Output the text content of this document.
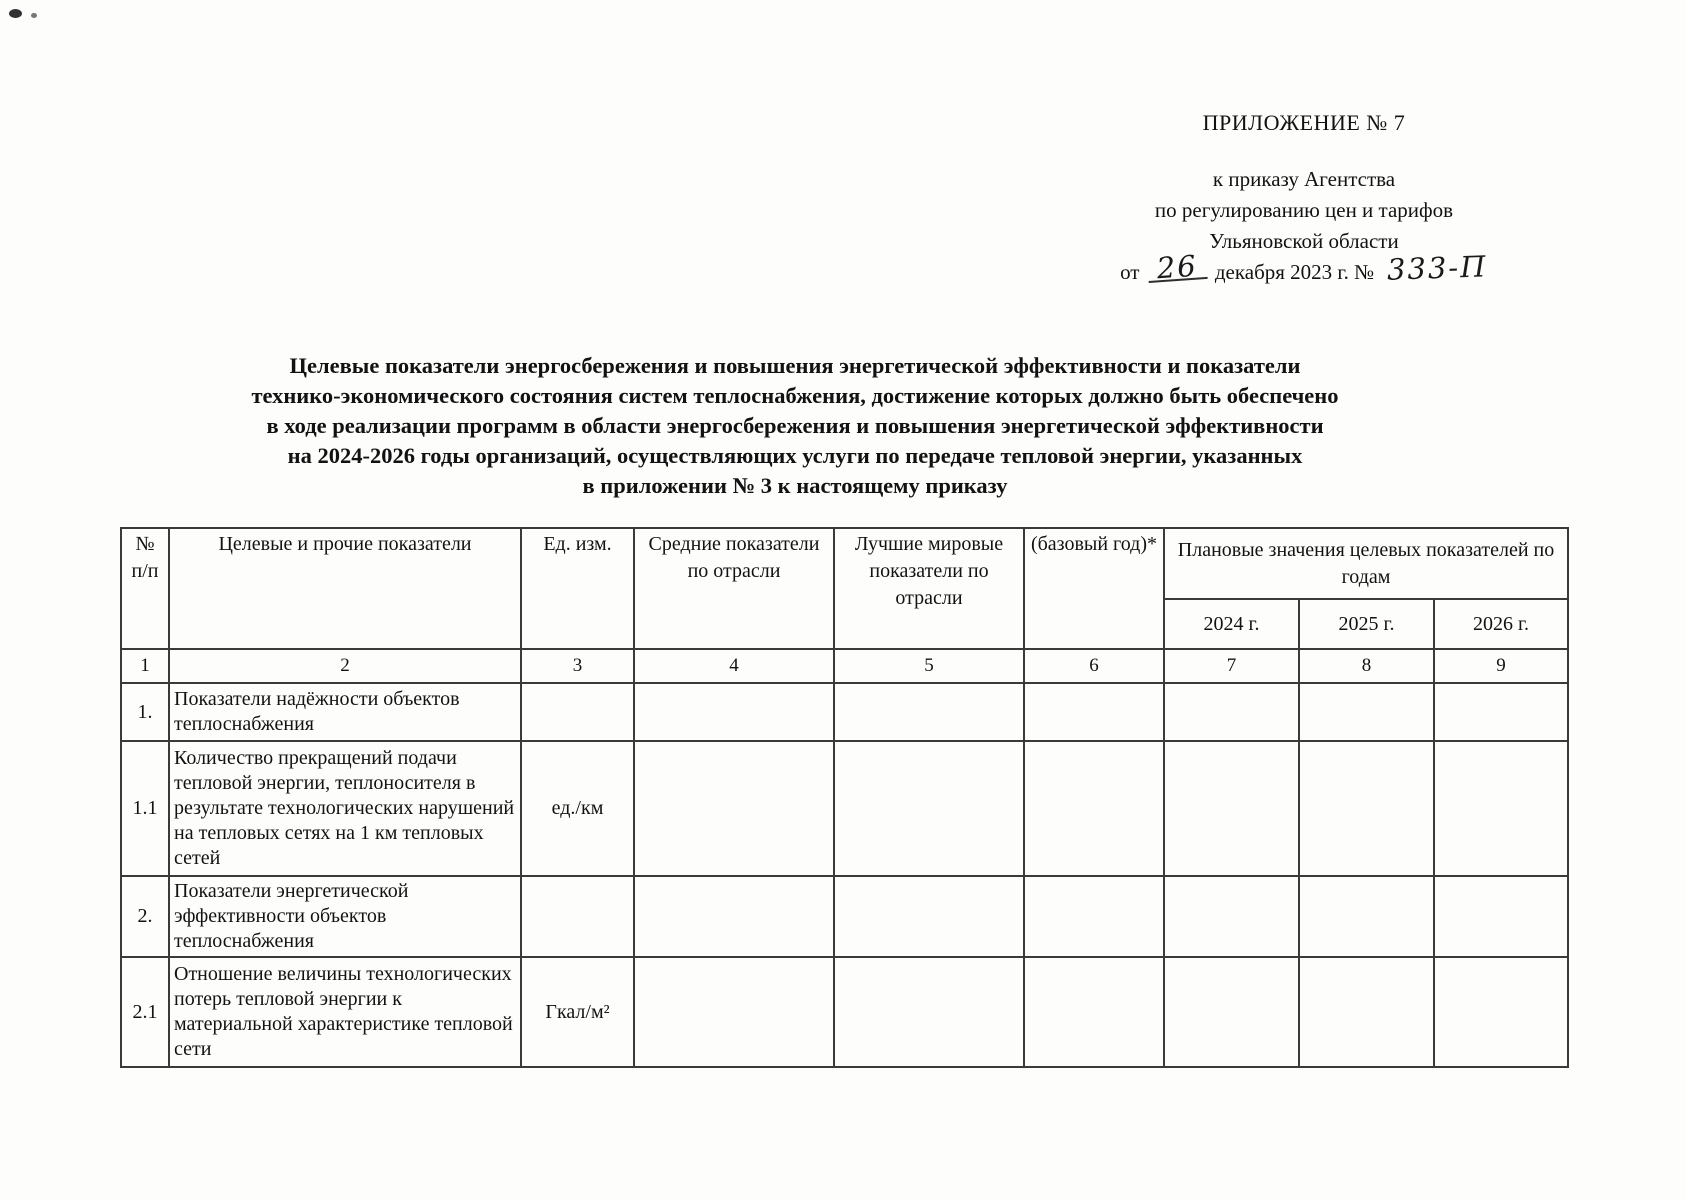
ПРИЛОЖЕНИЕ № 7
к приказу Агентства
по регулированию цен и тарифов
Ульяновской области
от 26 декабря 2023 г. № 333-П
Целевые показатели энергосбережения и повышения энергетической эффективности и показатели
технико-экономического состояния систем теплоснабжения, достижение которых должно быть обеспечено
в ходе реализации программ в области энергосбережения и повышения энергетической эффективности
на 2024-2026 годы организаций, осуществляющих услуги по передаче тепловой энергии, указанных
в приложении № 3 к настоящему приказу
№ п/п	Целевые и прочие показатели	Ед. изм.	Средние показатели по отрасли	Лучшие мировые показатели по отрасли	(базовый год)*	Плановые значения целевых показателей по годам		
						2024 г.	2025 г.	2026 г.
1	2	3	4	5	6	7	8	9
1.	Показатели надёжности объектов теплоснабжения							
1.1	Количество прекращений подачи тепловой энергии, теплоносителя в результате технологических нарушений на тепловых сетях на 1 км тепловых сетей	ед./км						
2.	Показатели энергетической эффективности объектов теплоснабжения							
2.1	Отношение величины технологических потерь тепловой энергии к материальной характеристике тепловой сети	Гкал/м²						
